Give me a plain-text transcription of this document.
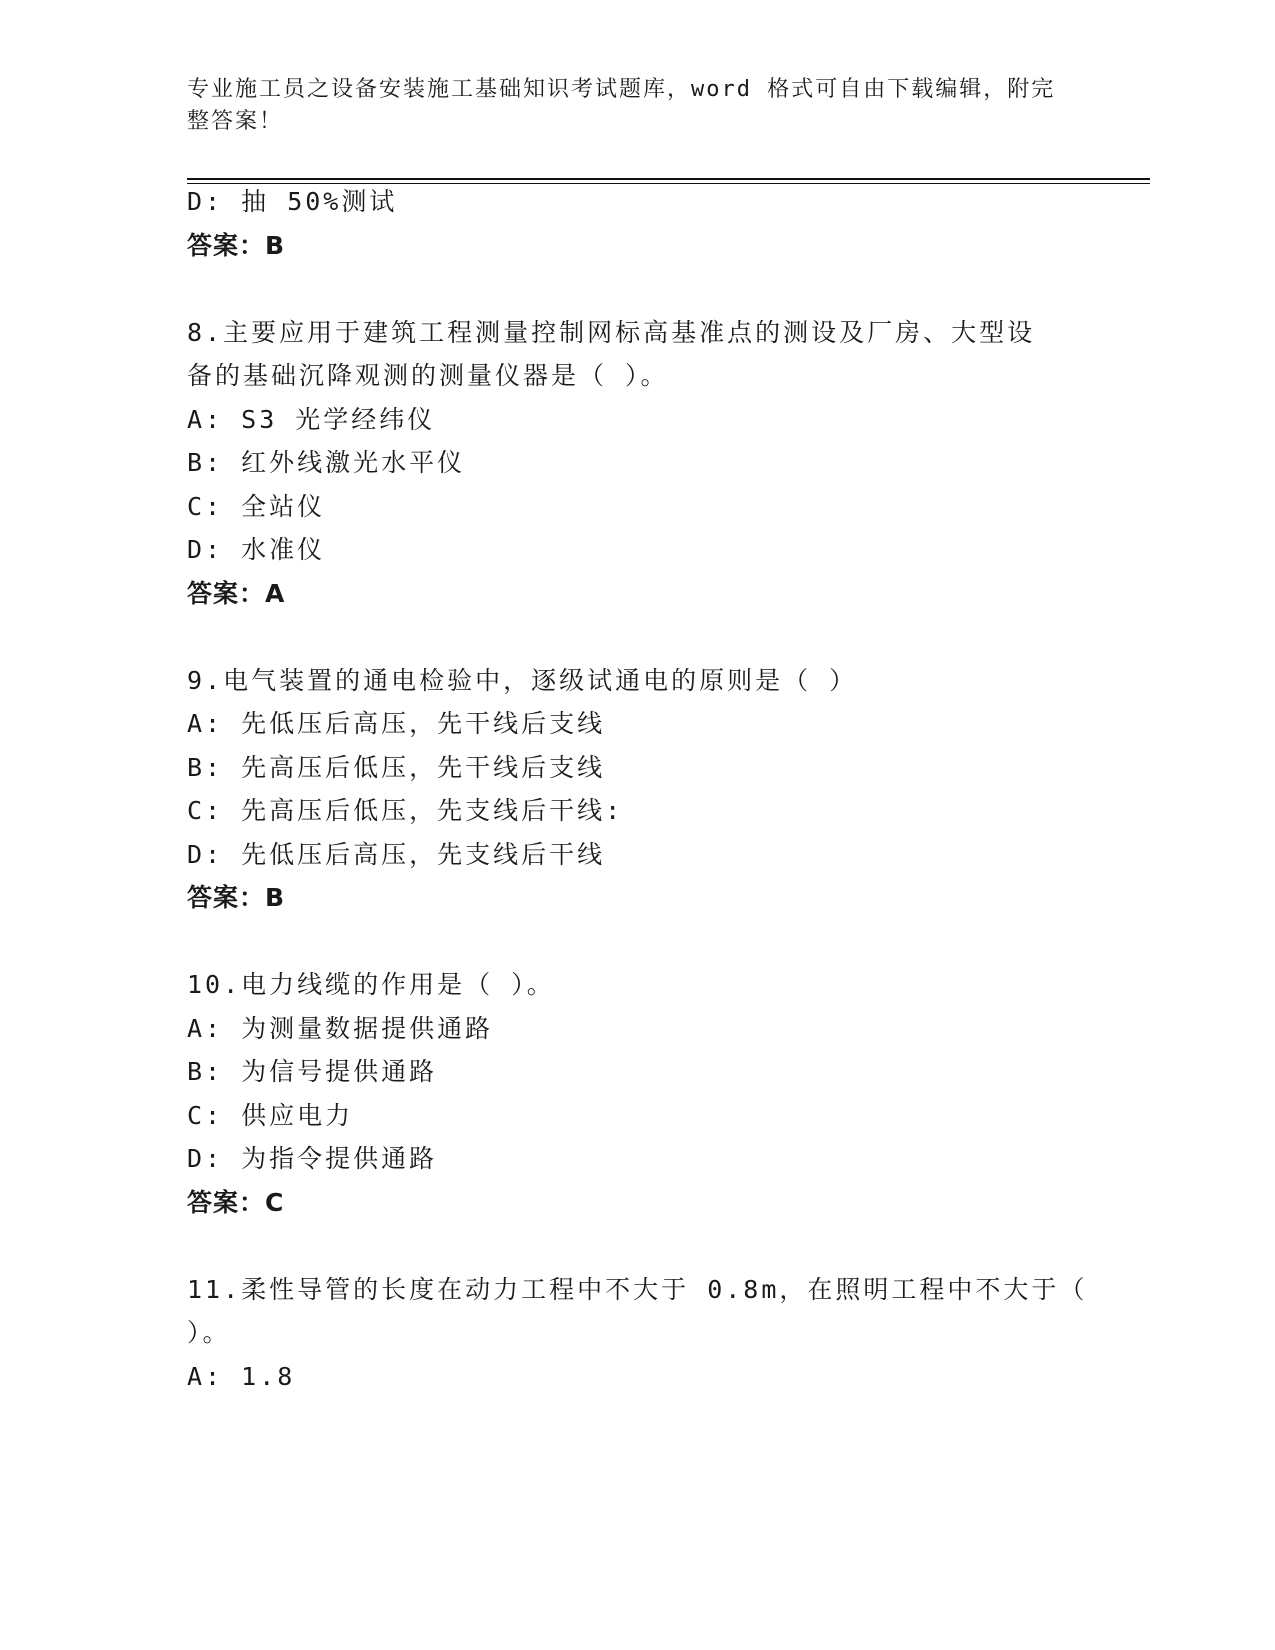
专业施工员之设备安装施工基础知识考试题库，word 格式可自由下载编辑，附完整答案！
D: 抽 50%测试
答案：B
8.主要应用于建筑工程测量控制网标高基准点的测设及厂房、大型设
备的基础沉降观测的测量仪器是（ ）。
A: S3 光学经纬仪
B: 红外线激光水平仪
C: 全站仪
D: 水准仪
答案：A
9.电气装置的通电检验中，逐级试通电的原则是（ ）
A: 先低压后高压，先干线后支线
B: 先高压后低压，先干线后支线
C: 先高压后低压，先支线后干线:
D: 先低压后高压，先支线后干线
答案：B
10.电力线缆的作用是（ ）。
A: 为测量数据提供通路
B: 为信号提供通路
C: 供应电力
D: 为指令提供通路
答案：C
11.柔性导管的长度在动力工程中不大于 0.8m，在照明工程中不大于（
）。
A: 1.8
